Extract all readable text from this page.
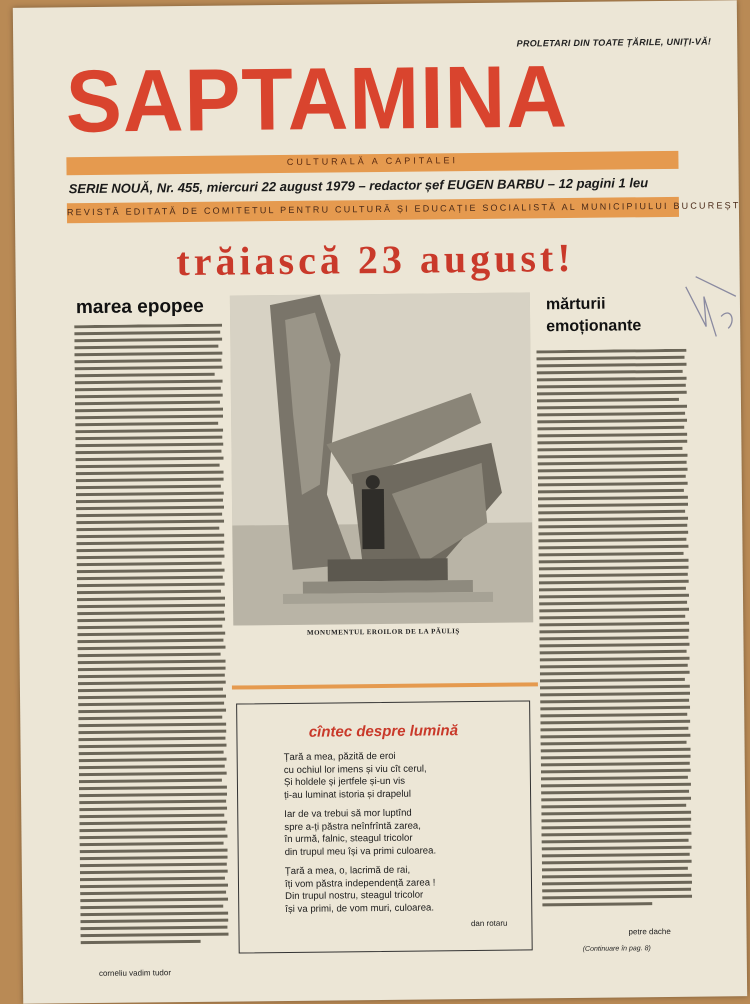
PROLETARI DIN TOATE ȚĂRILE, UNIȚI-VĂ!
SAPTAMINA
CULTURALĂ A CAPITALEI
SERIE NOUĂ, Nr. 455, miercuri 22 august 1979 – redactor șef EUGEN BARBU – 12 pagini 1 leu
REVISTĂ EDITATĂ DE COMITETUL PENTRU CULTURĂ ȘI EDUCAȚIE SOCIALISTĂ AL MUNICIPIULUI BUCUREȘTI
trăiască 23 august!
marea epopee	mărturii emoționante
MONUMENTUL EROILOR DE LA PĂULIȘ
cîntec despre lumină
Țară a mea, păzită de eroi
cu ochiul lor imens și viu cît cerul,
Și holdele și jertfele și-un vis
ți-au luminat istoria și drapelul
Iar de va trebui să mor luptînd
spre a-ți păstra neînfrîntă zarea,
în urmă, falnic, steagul tricolor
din trupul meu își va primi culoarea.
Țară a mea, o, lacrimă de rai,
îți vom păstra independență zarea !
Din trupul nostru, steagul tricolor
își va primi, de vom muri, culoarea.
dan rotaru
corneliu vadim tudor
petre dache
(Continuare în pag. 8)
